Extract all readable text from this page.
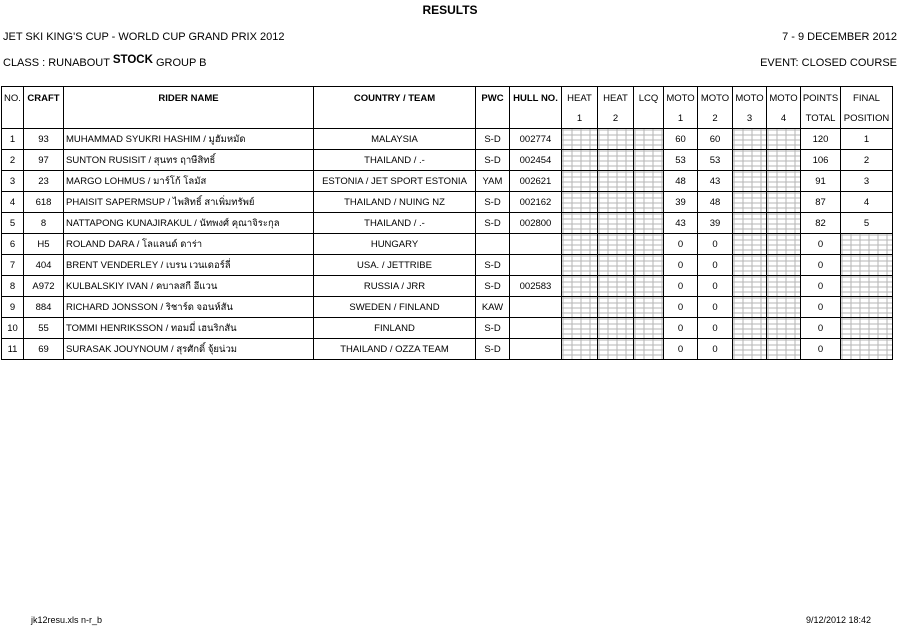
RESULTS
JET SKI KING'S CUP - WORLD CUP GRAND PRIX 2012	7 - 9 DECEMBER 2012
CLASS : RUNABOUT STOCK GROUP B	EVENT: CLOSED COURSE
NO.	CRAFT	RIDER NAME	COUNTRY / TEAM	PWC	HULL NO.	HEAT	HEAT	LCQ	MOTO	MOTO	MOTO	MOTO	POINTS	FINAL
						1	2		1	2	3	4	TOTAL	POSITION
1	93	MUHAMMAD SYUKRI HASHIM / มูฮัมหมัด	MALAYSIA	S-D	002774				60	60			120	1
2	97	SUNTON RUSISIT / สุนทร ฤาษีสิทธิ์	THAILAND / .-	S-D	002454				53	53			106	2
3	23	MARGO LOHMUS / มาร์โก้ โลมัส	ESTONIA / JET SPORT ESTONIA	YAM	002621				48	43			91	3
4	618	PHAISIT SAPERMSUP / ไพสิทธิ์ สาเพิ่มทรัพย์	THAILAND / NUING NZ	S-D	002162				39	48			87	4
5	8	NATTAPONG KUNAJIRAKUL / นัทพงศ์ คุณาจิระกุล	THAILAND / .-	S-D	002800				43	39			82	5
6	H5	ROLAND DARA / โลแลนด์ ดาร่า	HUNGARY						0	0			0	
7	404	BRENT VENDERLEY / เบรน เวนเดอร์ลี่	USA. / JETTRIBE	S-D					0	0			0	
8	A972	KULBALSKIY IVAN / คบาลสกี อีแวน	RUSSIA / JRR	S-D	002583				0	0			0	
9	884	RICHARD JONSSON / ริชาร์ด จอนห์สัน	SWEDEN / FINLAND	KAW					0	0			0	
10	55	TOMMI HENRIKSSON / ทอมมี่ เฮนริกสัน	FINLAND	S-D					0	0			0	
11	69	SURASAK JOUYNOUM / สุรศักดิ์ จุ้ยน่วม	THAILAND / OZZA TEAM	S-D					0	0			0	
jk12resu.xls n-r_b	9/12/2012 18:42
